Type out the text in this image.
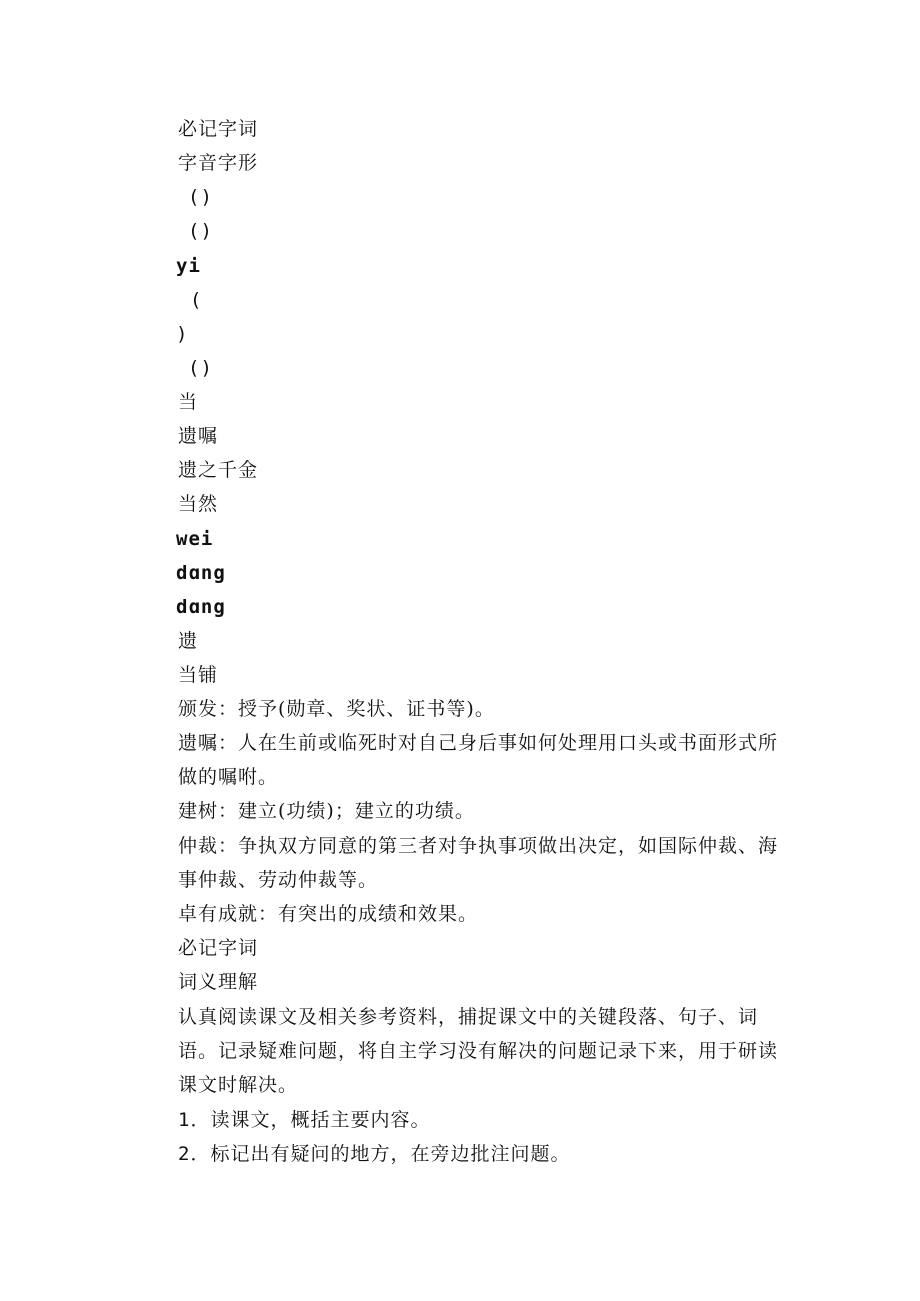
必记字词
字音字形
()
()
yi
(
)
()
当
遗嘱
遗之千金
当然
wei
dɑng
dɑng
遗
当铺
颁发：授予(勋章、奖状、证书等)。
遗嘱：人在生前或临死时对自己身后事如何处理用口头或书面形式所做的嘱咐。
建树：建立(功绩)；建立的功绩。
仲裁：争执双方同意的第三者对争执事项做出决定，如国际仲裁、海事仲裁、劳动仲裁等。
卓有成就：有突出的成绩和效果。
必记字词
词义理解
认真阅读课文及相关参考资料，捕捉课文中的关键段落、句子、词语。记录疑难问题，将自主学习没有解决的问题记录下来，用于研读课文时解决。
1．读课文，概括主要内容。
2．标记出有疑问的地方，在旁边批注问题。
